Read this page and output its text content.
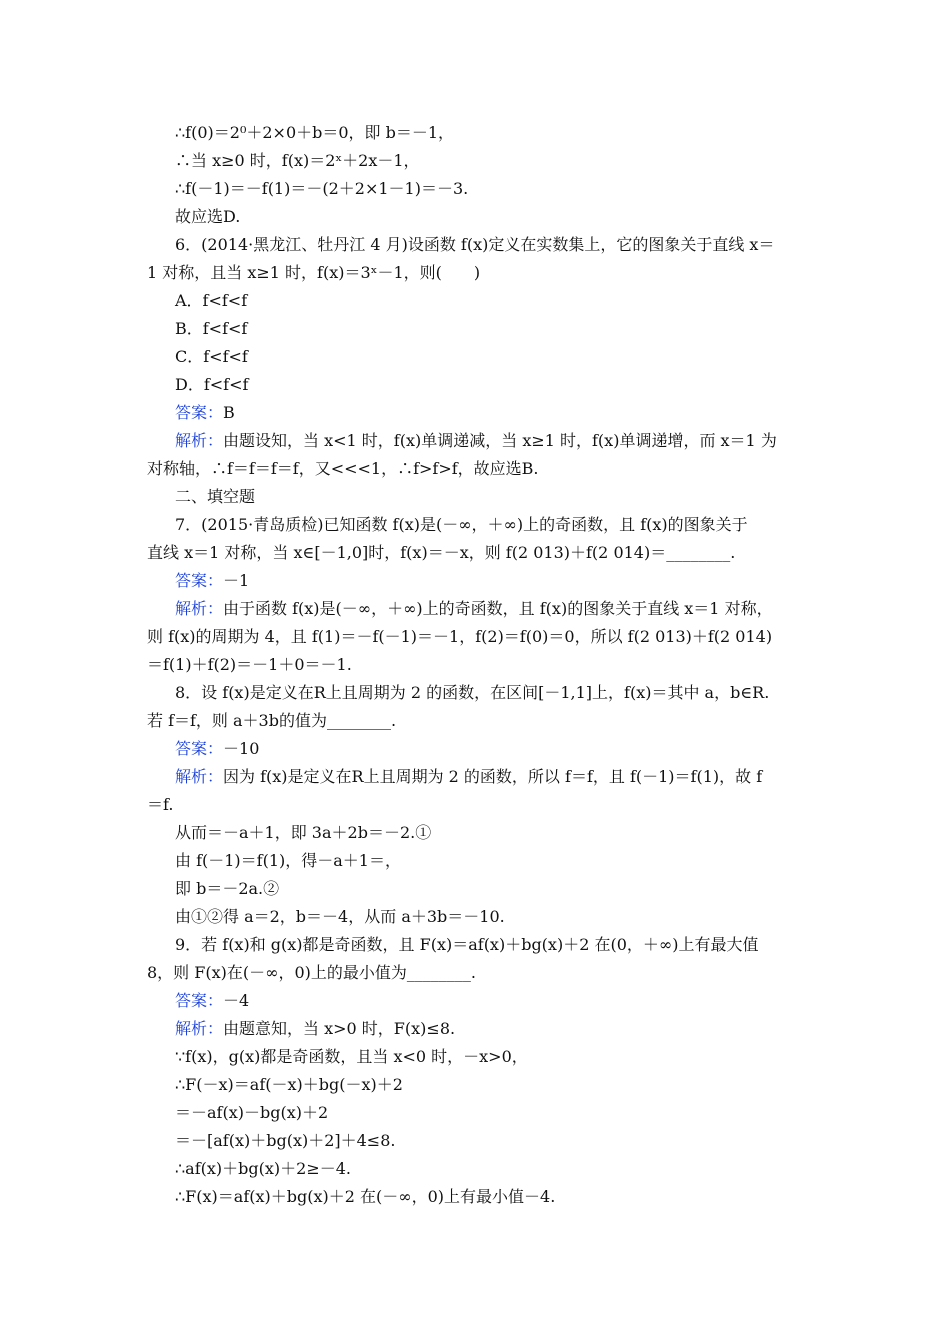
∴f(0)＝2⁰＋2×0＋b＝0，即 b＝－1，
∴当 x≥0 时，f(x)＝2ˣ＋2x－1，
∴f(－1)＝－f(1)＝－(2＋2×1－1)＝－3.
故应选D.
6．(2014·黑龙江、牡丹江 4 月)设函数 f(x)定义在实数集上，它的图象关于直线 x＝
1 对称，且当 x≥1 时，f(x)＝3ˣ－1，则(　　)
A．f<f<f
B．f<f<f
C．f<f<f
D．f<f<f
答案：B
解析：由题设知，当 x<1 时，f(x)单调递减，当 x≥1 时，f(x)单调递增，而 x＝1 为
对称轴，∴f＝f＝f＝f，又<<<1，∴f>f>f，故应选B.
二、填空题
7．(2015·青岛质检)已知函数 f(x)是(－∞，＋∞)上的奇函数，且 f(x)的图象关于
直线 x＝1 对称，当 x∈[－1,0]时，f(x)＝－x，则 f(2 013)＋f(2 014)＝________.
答案：－1
解析：由于函数 f(x)是(－∞，＋∞)上的奇函数，且 f(x)的图象关于直线 x＝1 对称，
则 f(x)的周期为 4，且 f(1)＝－f(－1)＝－1，f(2)＝f(0)＝0，所以 f(2 013)＋f(2 014)
＝f(1)＋f(2)＝－1＋0＝－1.
8．设 f(x)是定义在R上且周期为 2 的函数，在区间[－1,1]上，f(x)＝其中 a，b∈R.
若 f＝f，则 a＋3b的值为________.
答案：－10
解析：因为 f(x)是定义在R上且周期为 2 的函数，所以 f＝f，且 f(－1)＝f(1)，故 f
＝f.
从而＝－a＋1，即 3a＋2b＝－2.①
由 f(－1)＝f(1)，得－a＋1＝，
即 b＝－2a.②
由①②得 a＝2，b＝－4，从而 a＋3b＝－10.
9．若 f(x)和 g(x)都是奇函数，且 F(x)＝af(x)＋bg(x)＋2 在(0，＋∞)上有最大值
8，则 F(x)在(－∞，0)上的最小值为________.
答案：－4
解析：由题意知，当 x>0 时，F(x)≤8.
∵f(x)，g(x)都是奇函数，且当 x<0 时，－x>0，
∴F(－x)＝af(－x)＋bg(－x)＋2
＝－af(x)－bg(x)＋2
＝－[af(x)＋bg(x)＋2]＋4≤8.
∴af(x)＋bg(x)＋2≥－4.
∴F(x)＝af(x)＋bg(x)＋2 在(－∞，0)上有最小值－4.
